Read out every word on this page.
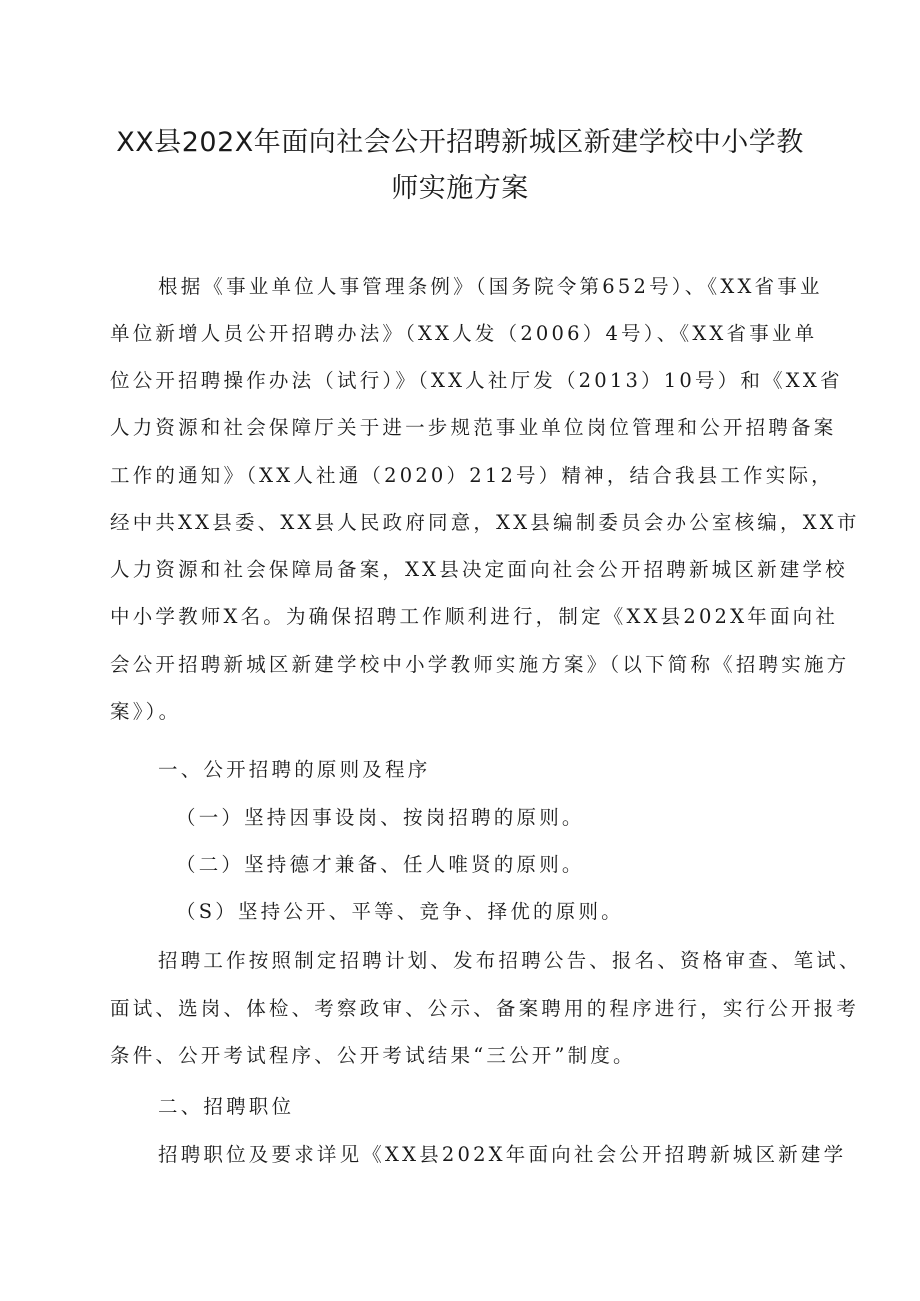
XX县202X年面向社会公开招聘新城区新建学校中小学教
师实施方案
根据《事业单位人事管理条例》（国务院令第652号）、《XX省事业
单位新增人员公开招聘办法》（XX人发（2006）4号）、《XX省事业单
位公开招聘操作办法（试行）》（XX人社厅发（2013）10号）和《XX省
人力资源和社会保障厅关于进一步规范事业单位岗位管理和公开招聘备案
工作的通知》（XX人社通（2020）212号）精神，结合我县工作实际，
经中共XX县委、XX县人民政府同意，XX县编制委员会办公室核编，XX市
人力资源和社会保障局备案，XX县决定面向社会公开招聘新城区新建学校
中小学教师X名。为确保招聘工作顺利进行，制定《XX县202X年面向社
会公开招聘新城区新建学校中小学教师实施方案》（以下简称《招聘实施方
案》）。
一、公开招聘的原则及程序
（一）坚持因事设岗、按岗招聘的原则。
（二）坚持德才兼备、任人唯贤的原则。
（S）坚持公开、平等、竞争、择优的原则。
招聘工作按照制定招聘计划、发布招聘公告、报名、资格审查、笔试、
面试、选岗、体检、考察政审、公示、备案聘用的程序进行，实行公开报考
条件、公开考试程序、公开考试结果“三公开”制度。
二、招聘职位
招聘职位及要求详见《XX县202X年面向社会公开招聘新城区新建学
